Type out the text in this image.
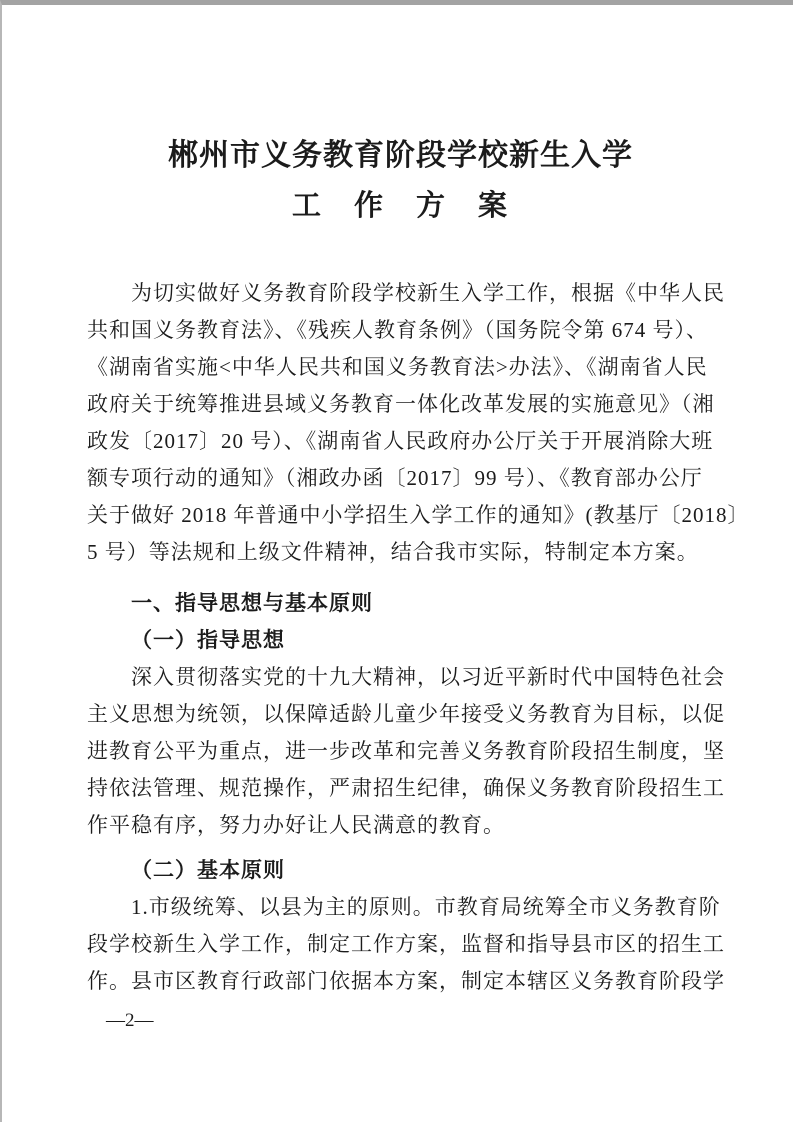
郴州市义务教育阶段学校新生入学
工　作　方　案
为切实做好义务教育阶段学校新生入学工作，根据《中华人民
共和国义务教育法》、《残疾人教育条例》（国务院令第 674 号）、
《湖南省实施<中华人民共和国义务教育法>办法》、《湖南省人民
政府关于统筹推进县域义务教育一体化改革发展的实施意见》（湘
政发〔2017〕20 号）、《湖南省人民政府办公厅关于开展消除大班
额专项行动的通知》（湘政办函〔2017〕99 号）、《教育部办公厅
关于做好 2018 年普通中小学招生入学工作的通知》(教基厅〔2018〕
5 号）等法规和上级文件精神，结合我市实际，特制定本方案。
一、指导思想与基本原则
（一）指导思想
深入贯彻落实党的十九大精神，以习近平新时代中国特色社会
主义思想为统领，以保障适龄儿童少年接受义务教育为目标，以促
进教育公平为重点，进一步改革和完善义务教育阶段招生制度，坚
持依法管理、规范操作，严肃招生纪律，确保义务教育阶段招生工
作平稳有序，努力办好让人民满意的教育。
（二）基本原则
1.市级统筹、以县为主的原则。市教育局统筹全市义务教育阶
段学校新生入学工作，制定工作方案，监督和指导县市区的招生工
作。县市区教育行政部门依据本方案，制定本辖区义务教育阶段学
—2—
